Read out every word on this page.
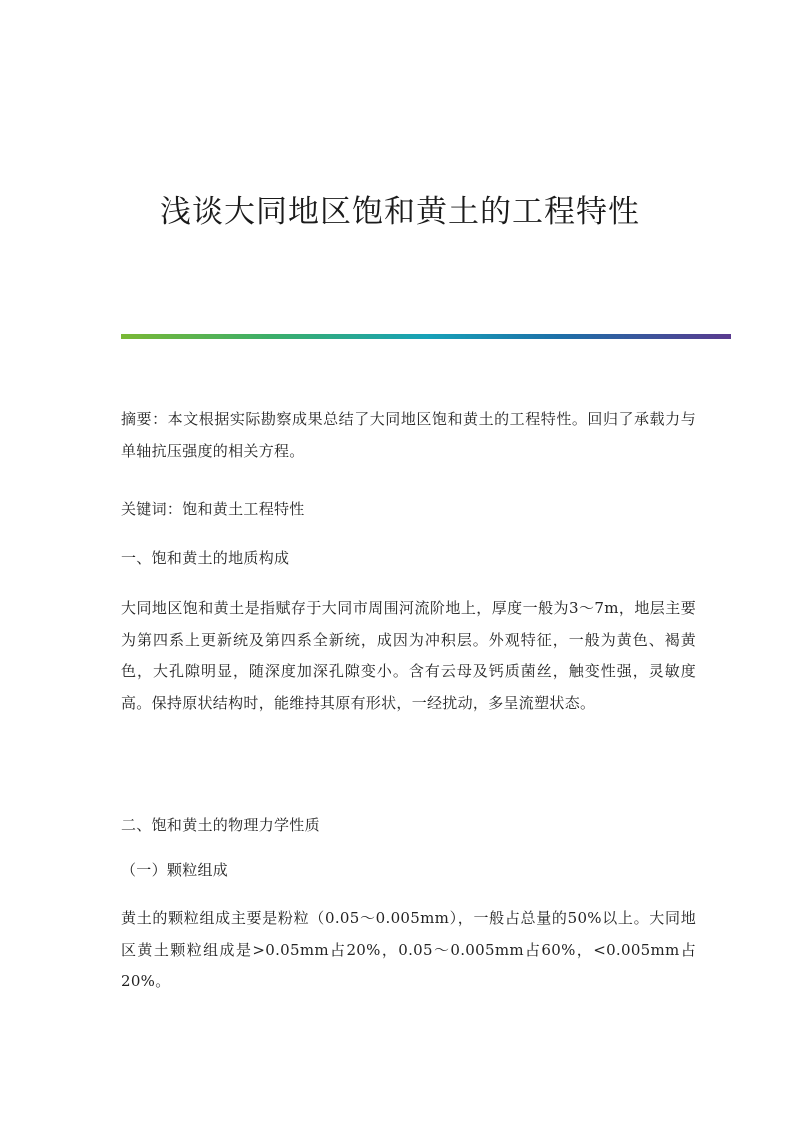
浅谈大同地区饱和黄土的工程特性

摘要：本文根据实际勘察成果总结了大同地区饱和黄土的工程特性。回归了承载力与单轴抗压强度的相关方程。

关键词：饱和黄土工程特性

一、饱和黄土的地质构成

大同地区饱和黄土是指赋存于大同市周围河流阶地上，厚度一般为3～7m，地层主要为第四系上更新统及第四系全新统，成因为冲积层。外观特征，一般为黄色、褐黄色，大孔隙明显，随深度加深孔隙变小。含有云母及钙质菌丝，触变性强，灵敏度高。保持原状结构时，能维持其原有形状，一经扰动，多呈流塑状态。

二、饱和黄土的物理力学性质

（一）颗粒组成

黄土的颗粒组成主要是粉粒（0.05～0.005mm），一般占总量的50%以上。大同地区黄土颗粒组成是>0.05mm占20%，0.05～0.005mm占60%，<0.005mm占20%。
